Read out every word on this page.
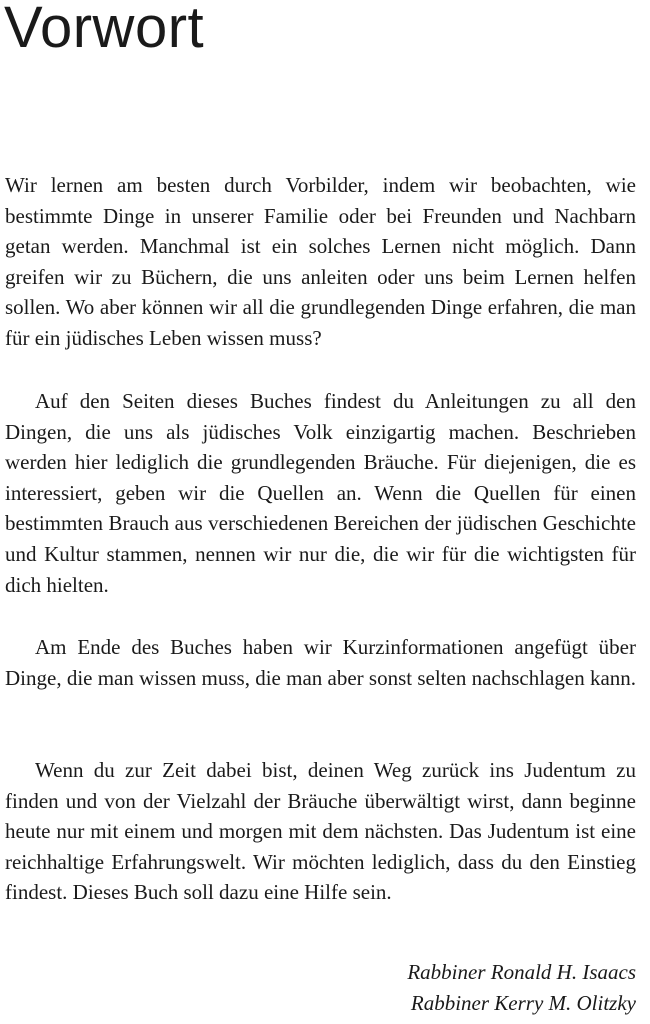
Vorwort

Wir lernen am besten durch Vorbilder, indem wir beobachten, wie bestimmte Dinge in unserer Familie oder bei Freunden und Nachbarn getan werden. Manchmal ist ein solches Lernen nicht möglich. Dann greifen wir zu Büchern, die uns anleiten oder uns beim Lernen helfen sollen. Wo aber können wir all die grundlegenden Dinge erfahren, die man für ein jüdisches Leben wissen muss?

Auf den Seiten dieses Buches findest du Anleitungen zu all den Dingen, die uns als jüdisches Volk einzigartig machen. Beschrieben werden hier lediglich die grundlegenden Bräuche. Für diejenigen, die es interessiert, geben wir die Quellen an. Wenn die Quellen für einen bestimmten Brauch aus verschiedenen Bereichen der jüdischen Geschichte und Kultur stammen, nennen wir nur die, die wir für die wichtigsten für dich hielten.

Am Ende des Buches haben wir Kurzinformationen angefügt über Dinge, die man wissen muss, die man aber sonst selten nachschlagen kann.

Wenn du zur Zeit dabei bist, deinen Weg zurück ins Judentum zu finden und von der Vielzahl der Bräuche überwältigt wirst, dann beginne heute nur mit einem und morgen mit dem nächsten. Das Judentum ist eine reichhaltige Erfahrungswelt. Wir möchten lediglich, dass du den Einstieg findest. Dieses Buch soll dazu eine Hilfe sein.

Rabbiner Ronald H. Isaacs
Rabbiner Kerry M. Olitzky
